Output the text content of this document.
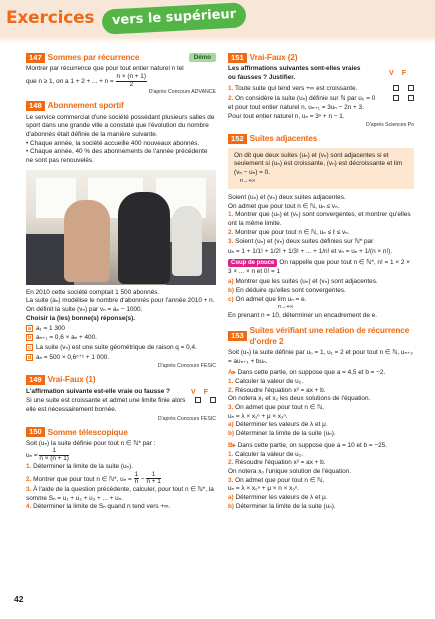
Exercices	vers le supérieur
147 Sommes par récurrence	Démo

Montrer par récurrence que pour tout entier naturel n tel

que n ≥ 1, on a 1 + 2 + ... + $n = \frac{n \times (n + 1)}{2}$

D'après Concours ADVANCE

148 Abonnement sportif

Le service commercial d'une société possédant plusieurs salles de sport dans une grande ville a constaté que l'évolution du nombre d'abonnés était définie de la manière suivante.

• Chaque année, la société accueille 400 nouveaux abonnés.

• Chaque année, 40 % des abonnements de l'année précédente ne sont pas renouvelés.

En 2010 cette société comptait 1 500 abonnés.

La suite (aₙ) modélise le nombre d'abonnés pour l'année 2010 + n. On définit la suite (vₙ) par vₙ = aₙ − 1000.

Choisir la (les) bonne(s) réponse(s).

a a₁ = 1 300
b aₙ₊₁ = 0,6 × aₙ + 400.
c La suite (vₙ) est une suite géométrique de raison q = 0,4.
d aₙ = 500 × 0,6ⁿ⁺¹ + 1 000.

D'après Concours FESIC

149 Vrai-Faux (1)

L'affirmation suivante est-elle vraie ou fausse ?	VF

Si une suite est croissante et admet une limite finie alors elle est nécessairement bornée.

D'après Concours FESIC

150 Somme télescopique

Soit (uₙ) la suite définie pour tout n ∈ ℕ* par :

$u_n = \frac{1}{n \times (n + 1)}$

1. Déterminer la limite de la suite (uₙ).

2. Montrer que pour tout n ∈ ℕ*, $u_n = \frac{1}{n} - \frac{1}{n + 1}$

3. À l'aide de la question précédente, calculer, pour tout n ∈ ℕ*, la somme Sₙ = u₁ + u₂ + u₃ + ... + uₙ.

4. Déterminer la limite de Sₙ quand n tend vers +∞.

151 Vrai-Faux (2)

Les affirmations suivantes sont-elles vraies ou fausses ? Justifier.

VF

1. Toute suite qui tend vers +∞ est croissante.

2. On considère la suite (uₙ) définie sur ℕ par u₀ = 0 et pour tout entier naturel n, uₙ₊₁ = 3uₙ − 2n + 3.

Pour tout entier naturel n, uₙ = 3ⁿ + n − 1.

D'après Sciences Po

152 Suites adjacentes

On dit que deux suites (uₙ) et (vₙ) sont adjacentes si et seulement si (uₙ) est croissante, (vₙ) est décroissante et lim (vₙ − uₙ) = 0.

n→+∞

Soient (uₙ) et (vₙ) deux suites adjacentes.

On admet que pour tout n ∈ ℕ, uₙ ≤ vₙ.

1. Montrer que (uₙ) et (vₙ) sont convergentes, et montrer qu'elles ont la même limite.

2. Montrer que pour tout n ∈ ℕ, uₙ ≤ ℓ ≤ vₙ.

3. Soient (uₙ) et (vₙ) deux suites définies sur ℕ* par

uₙ = 1 + 1/1! + 1/2! + 1/3! + ... + 1/n! et vₙ = uₙ + 1/(n × n!).

Coup de pouce On rappelle que pour tout n ∈ ℕ*, n! = 1 × 2 × 3 × ... × n et 0! = 1

a) Montrer que les suites (uₙ) et (vₙ) sont adjacentes.

b) En déduire qu'elles sont convergentes.

c) On admet que lim uₙ = e.

n→+∞

En prenant n = 10, déterminer un encadrement de e.

153
Suites vérifiant une relation de récurrence d'ordre 2

Soit (uₙ) la suite définie par u₀ = 1, u₁ = 2 et pour tout n ∈ ℕ, uₙ₊₂ = auₙ₊₁ + buₙ.

A▸ Dans cette partie, on suppose que a = 4,5 et b = −2.

1. Calculer la valeur de u₂.

2. Résoudre l'équation x² = ax + b.

On notera x₁ et x₂ les deux solutions de l'équation.

3. On admet que pour tout n ∈ ℕ,

uₙ = λ × x₁ⁿ + μ × x₂ⁿ.

a) Déterminer les valeurs de λ et μ.

b) Déterminer la limite de la suite (uₙ).

B▸ Dans cette partie, on suppose que a = 10 et b = −25.

1. Calculer la valeur de u₂.

2. Résoudre l'équation x² = ax + b.

On notera x₀ l'unique solution de l'équation.

3. On admet que pour tout n ∈ ℕ,

uₙ = λ × x₀ⁿ + μ × n × x₀ⁿ.

a) Déterminer les valeurs de λ et μ.

b) Déterminer la limite de la suite (uₙ).

42
